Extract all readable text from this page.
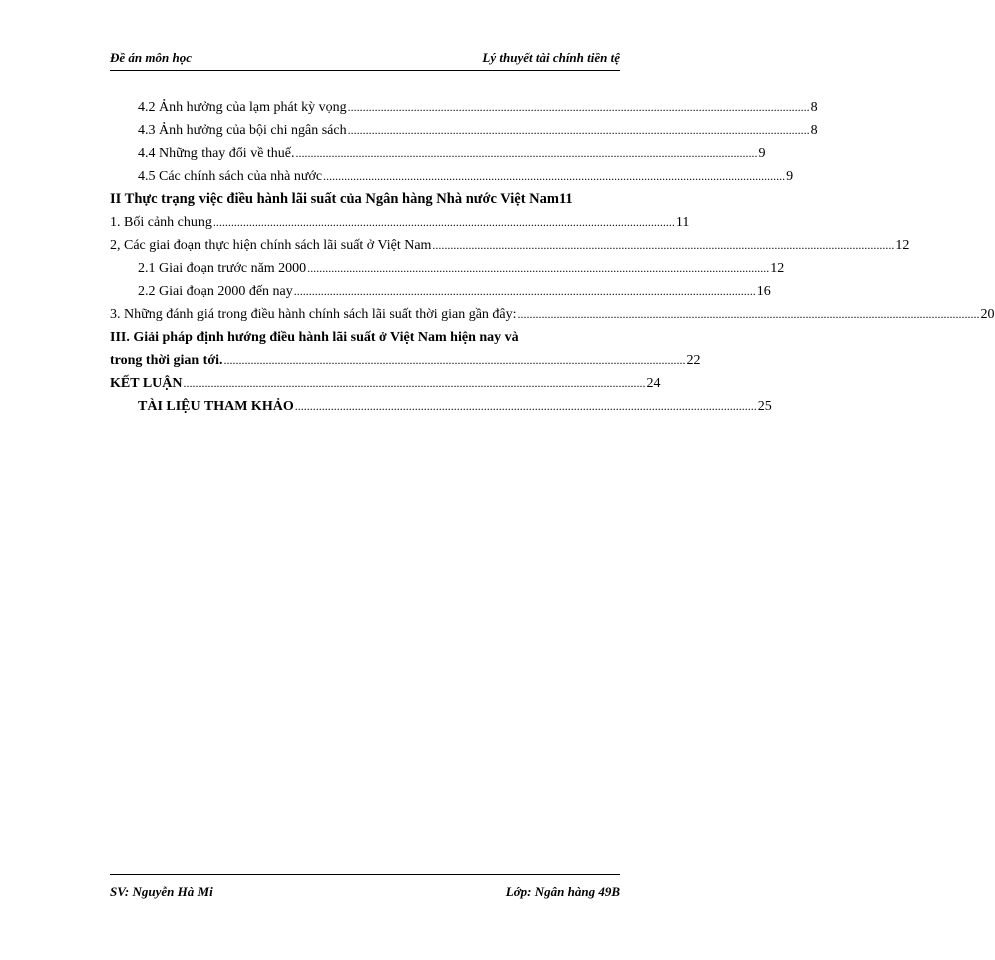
Đề án môn học	Lý thuyết tài chính tiền tệ
4.2 Ảnh hưởng của lạm phát kỳ vọng .......................................................................................................................................................... 8
4.3 Ảnh hưởng của bội chi ngân sách .......................................................................................................................................................... 8
4.4 Những thay đổi về thuế. .......................................................................................................................................................... 9
4.5 Các chính sách của nhà nước .......................................................................................................................................................... 9
II Thực trạng việc điều hành lãi suất của Ngân hàng Nhà nước Việt Nam 11
1. Bối cảnh chung .......................................................................................................................................................... 11
2, Các giai đoạn thực hiện chính sách lãi suất ở Việt Nam .......................................................................................................................................................... 12
2.1 Giai đoạn trước năm 2000 .......................................................................................................................................................... 12
2.2 Giai đoạn 2000 đến nay .......................................................................................................................................................... 16
3. Những đánh giá trong điều hành chính sách lãi suất thời gian gần đây: .......................................................................................................................................................... 20
III. Giải pháp định hướng điều hành lãi suất ở Việt Nam hiện nay và
trong thời gian tới. .......................................................................................................................................................... 22
KẾT LUẬN .......................................................................................................................................................... 24
TÀI LIỆU THAM KHẢO .......................................................................................................................................................... 25
SV: Nguyễn Hà Mi	Lớp: Ngân hàng 49B
